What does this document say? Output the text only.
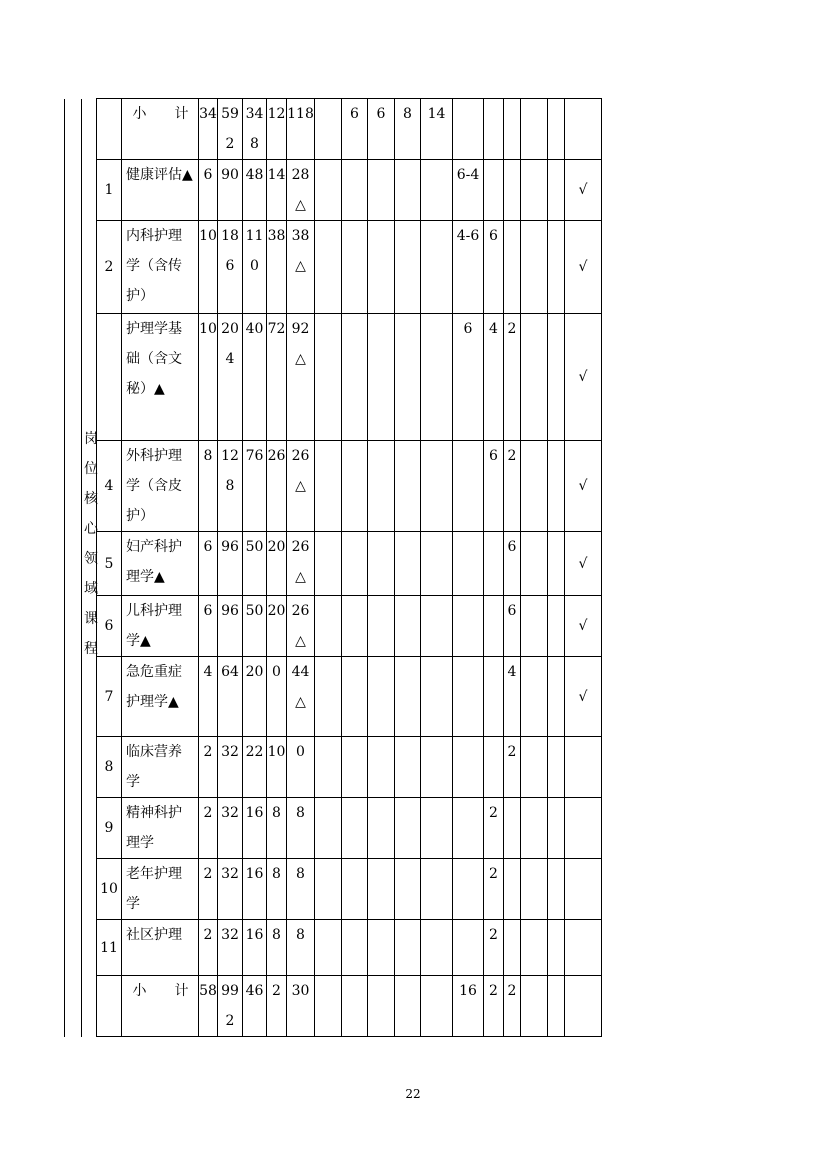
			小　　计	34	592	348	12	118		6	6	8	14						
		1	健康评估▲	6	90	48	14	28△						6-4					√
		2	内科护理学（含传护）	10	186	110	38	38△						4-6	6				√
			护理学基础（含文秘）▲	10	204	40	72	92△						6	4	2			√
		4	外科护理学（含皮护）	8	128	76	26	26△							6	2			√
		5	妇产科护理学▲	6	96	50	20	26△								6			√
		6	儿科护理学▲	6	96	50	20	26△								6			√
		7	急危重症护理学▲	4	64	20	0	44△								4			√
		8	临床营养学	2	32	22	10	0								2			
		9	精神科护理学	2	32	16	8	8							2				
		10	老年护理学	2	32	16	8	8							2				
		11	社区护理	2	32	16	8	8							2				
			小　　计	58	992	46	2	30						16	2	2			
岗
位
核
心
领
域
课
程
22
